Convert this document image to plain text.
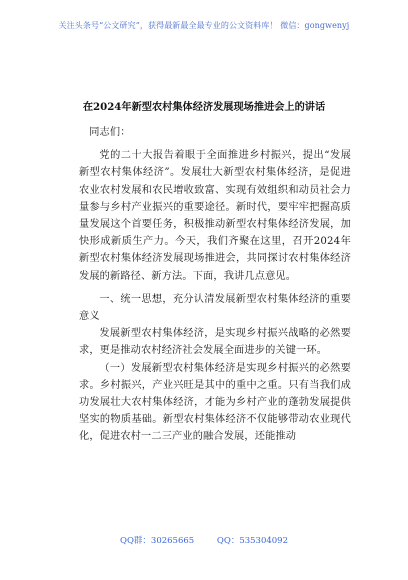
关注头条号“公文研究”，获得最新最全最专业的公文资料库！ 微信：gongwenyj
在2024年新型农村集体经济发展现场推进会上的讲话

同志们：

党的二十大报告着眼于全面推进乡村振兴，提出“发展新型农村集体经济”。发展壮大新型农村集体经济，是促进农业农村发展和农民增收致富、实现有效组织和动员社会力量参与乡村产业振兴的重要途径。新时代，要牢牢把握高质量发展这个首要任务，积极推动新型农村集体经济发展，加快形成新质生产力。今天，我们齐聚在这里，召开2024年新型农村集体经济发展现场推进会，共同探讨农村集体经济发展的新路径、新方法。下面，我讲几点意见。

一、统一思想，充分认清发展新型农村集体经济的重要意义

发展新型农村集体经济，是实现乡村振兴战略的必然要求，更是推动农村经济社会发展全面进步的关键一环。

（一）发展新型农村集体经济是实现乡村振兴的必然要求。乡村振兴，产业兴旺是其中的重中之重。只有当我们成功发展壮大农村集体经济，才能为乡村产业的蓬勃发展提供坚实的物质基础。新型农村集体经济不仅能够带动农业现代化，促进农村一二三产业的融合发展，还能推动

QQ群：30265665	QQ：535304092
